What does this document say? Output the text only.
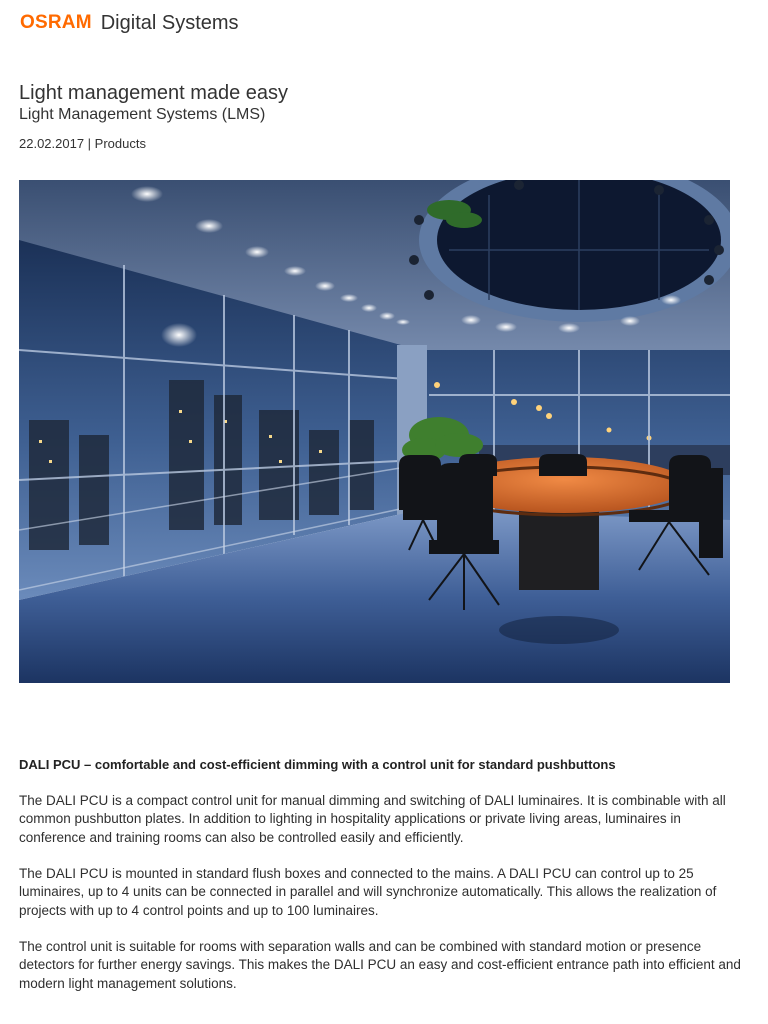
OSRAM Digital Systems
Light management made easy
Light Management Systems (LMS)
22.02.2017 | Products
DALI PCU – comfortable and cost-efficient dimming with a control unit for standard pushbuttons

The DALI PCU is a compact control unit for manual dimming and switching of DALI luminaires. It is combinable with all common pushbutton plates. In addition to lighting in hospitality applications or private living areas, luminaires in conference and training rooms can also be controlled easily and efficiently.

The DALI PCU is mounted in standard flush boxes and connected to the mains. A DALI PCU can control up to 25 luminaires, up to 4 units can be connected in parallel and will synchronize automatically. This allows the realization of projects with up to 4 control points and up to 100 luminaires.

The control unit is suitable for rooms with separation walls and can be combined with standard motion or presence detectors for further energy savings. This makes the DALI PCU an easy and cost-efficient entrance path into efficient and modern light management solutions.
